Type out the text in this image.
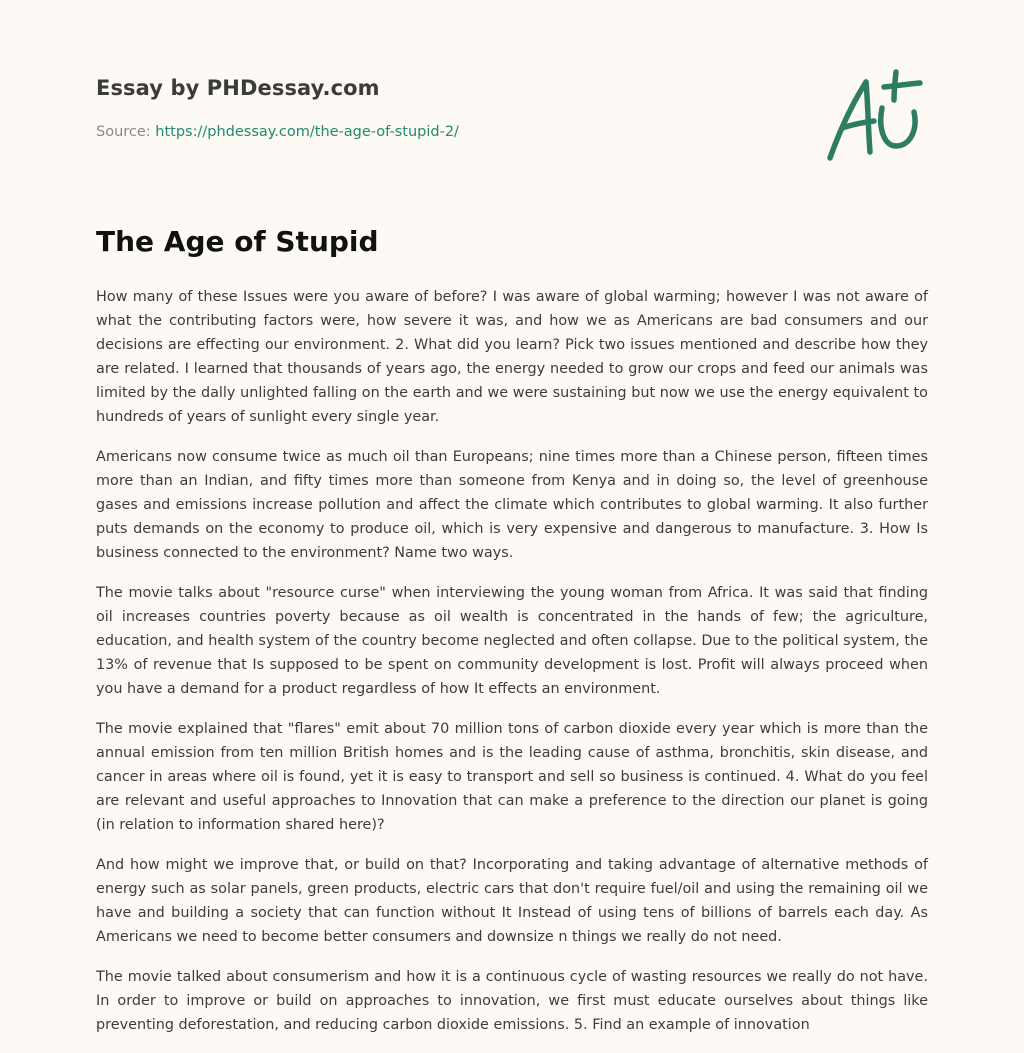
Essay by PHDessay.com
Source: https://phdessay.com/the-age-of-stupid-2/
The Age of Stupid

How many of these Issues were you aware of before? I was aware of global warming; however I was not aware of what the contributing factors were, how severe it was, and how we as Americans are bad consumers and our decisions are effecting our environment. 2. What did you learn? Pick two issues mentioned and describe how they are related. I learned that thousands of years ago, the energy needed to grow our crops and feed our animals was limited by the dally unlighted falling on the earth and we were sustaining but now we use the energy equivalent to hundreds of years of sunlight every single year.

Americans now consume twice as much oil than Europeans; nine times more than a Chinese person, fifteen times more than an Indian, and fifty times more than someone from Kenya and in doing so, the level of greenhouse gases and emissions increase pollution and affect the climate which contributes to global warming. It also further puts demands on the economy to produce oil, which is very expensive and dangerous to manufacture. 3. How Is business connected to the environment? Name two ways.

The movie talks about "resource curse" when interviewing the young woman from Africa. It was said that finding oil increases countries poverty because as oil wealth is concentrated in the hands of few; the agriculture, education, and health system of the country become neglected and often collapse. Due to the political system, the 13% of revenue that Is supposed to be spent on community development is lost. Profit will always proceed when you have a demand for a product regardless of how It effects an environment.

The movie explained that "flares" emit about 70 million tons of carbon dioxide every year which is more than the annual emission from ten million British homes and is the leading cause of asthma, bronchitis, skin disease, and cancer in areas where oil is found, yet it is easy to transport and sell so business is continued. 4. What do you feel are relevant and useful approaches to Innovation that can make a preference to the direction our planet is going (in relation to information shared here)?

And how might we improve that, or build on that? Incorporating and taking advantage of alternative methods of energy such as solar panels, green products, electric cars that don't require fuel/oil and using the remaining oil we have and building a society that can function without It Instead of using tens of billions of barrels each day. As Americans we need to become better consumers and downsize n things we really do not need.

The movie talked about consumerism and how it is a continuous cycle of wasting resources we really do not have. In order to improve or build on approaches to innovation, we first must educate ourselves about things like preventing deforestation, and reducing carbon dioxide emissions. 5. Find an example of innovation
